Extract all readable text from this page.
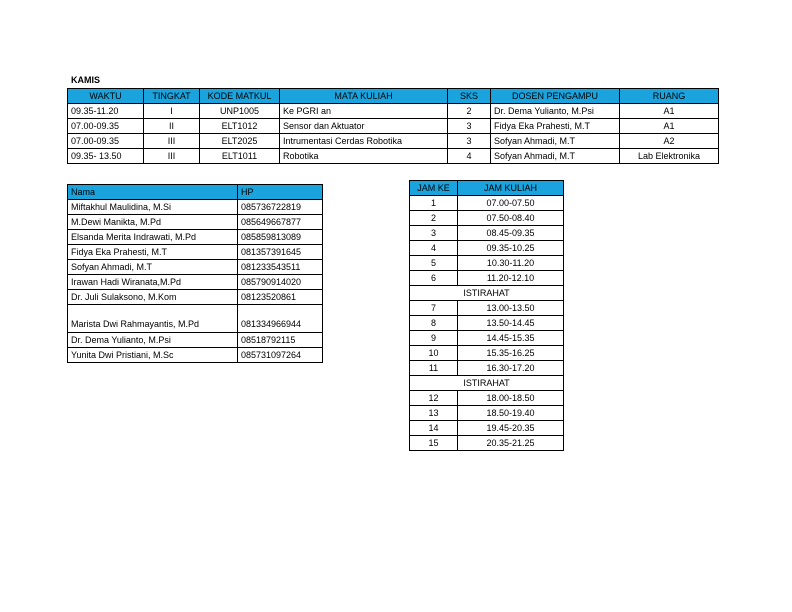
KAMIS
WAKTU	TINGKAT	KODE MATKUL	MATA KULIAH	SKS	DOSEN PENGAMPU	RUANG
09.35-11.20	I	UNP1005	Ke PGRI an	2	Dr. Dema Yulianto, M.Psi	A1
07.00-09.35	II	ELT1012	Sensor dan Aktuator	3	Fidya Eka Prahesti, M.T	A1
07.00-09.35	III	ELT2025	Intrumentasi Cerdas Robotika	3	Sofyan Ahmadi, M.T	A2
09.35- 13.50	III	ELT1011	Robotika	4	Sofyan Ahmadi, M.T	Lab Elektronika
Nama	HP
Miftakhul Maulidina, M.Si	085736722819
M.Dewi Manikta, M.Pd	085649667877
Elsanda Merita Indrawati, M.Pd	085859813089
Fidya Eka Prahesti, M.T	081357391645
Sofyan Ahmadi, M.T	081233543511
Irawan Hadi Wiranata,M.Pd	085790914020
Dr. Juli Sulaksono, M.Kom	08123520861
Marista Dwi Rahmayantis, M.Pd	081334966944
Dr. Dema Yulianto, M.Psi	08518792115
Yunita Dwi Pristiani, M.Sc	085731097264
JAM KE	JAM KULIAH
1	07.00-07.50
2	07.50-08.40
3	08.45-09.35
4	09.35-10.25
5	10.30-11.20
6	11.20-12.10
ISTIRAHAT	
7	13.00-13.50
8	13.50-14.45
9	14.45-15.35
10	15.35-16.25
11	16.30-17.20
ISTIRAHAT	
12	18.00-18.50
13	18.50-19.40
14	19.45-20.35
15	20.35-21.25
